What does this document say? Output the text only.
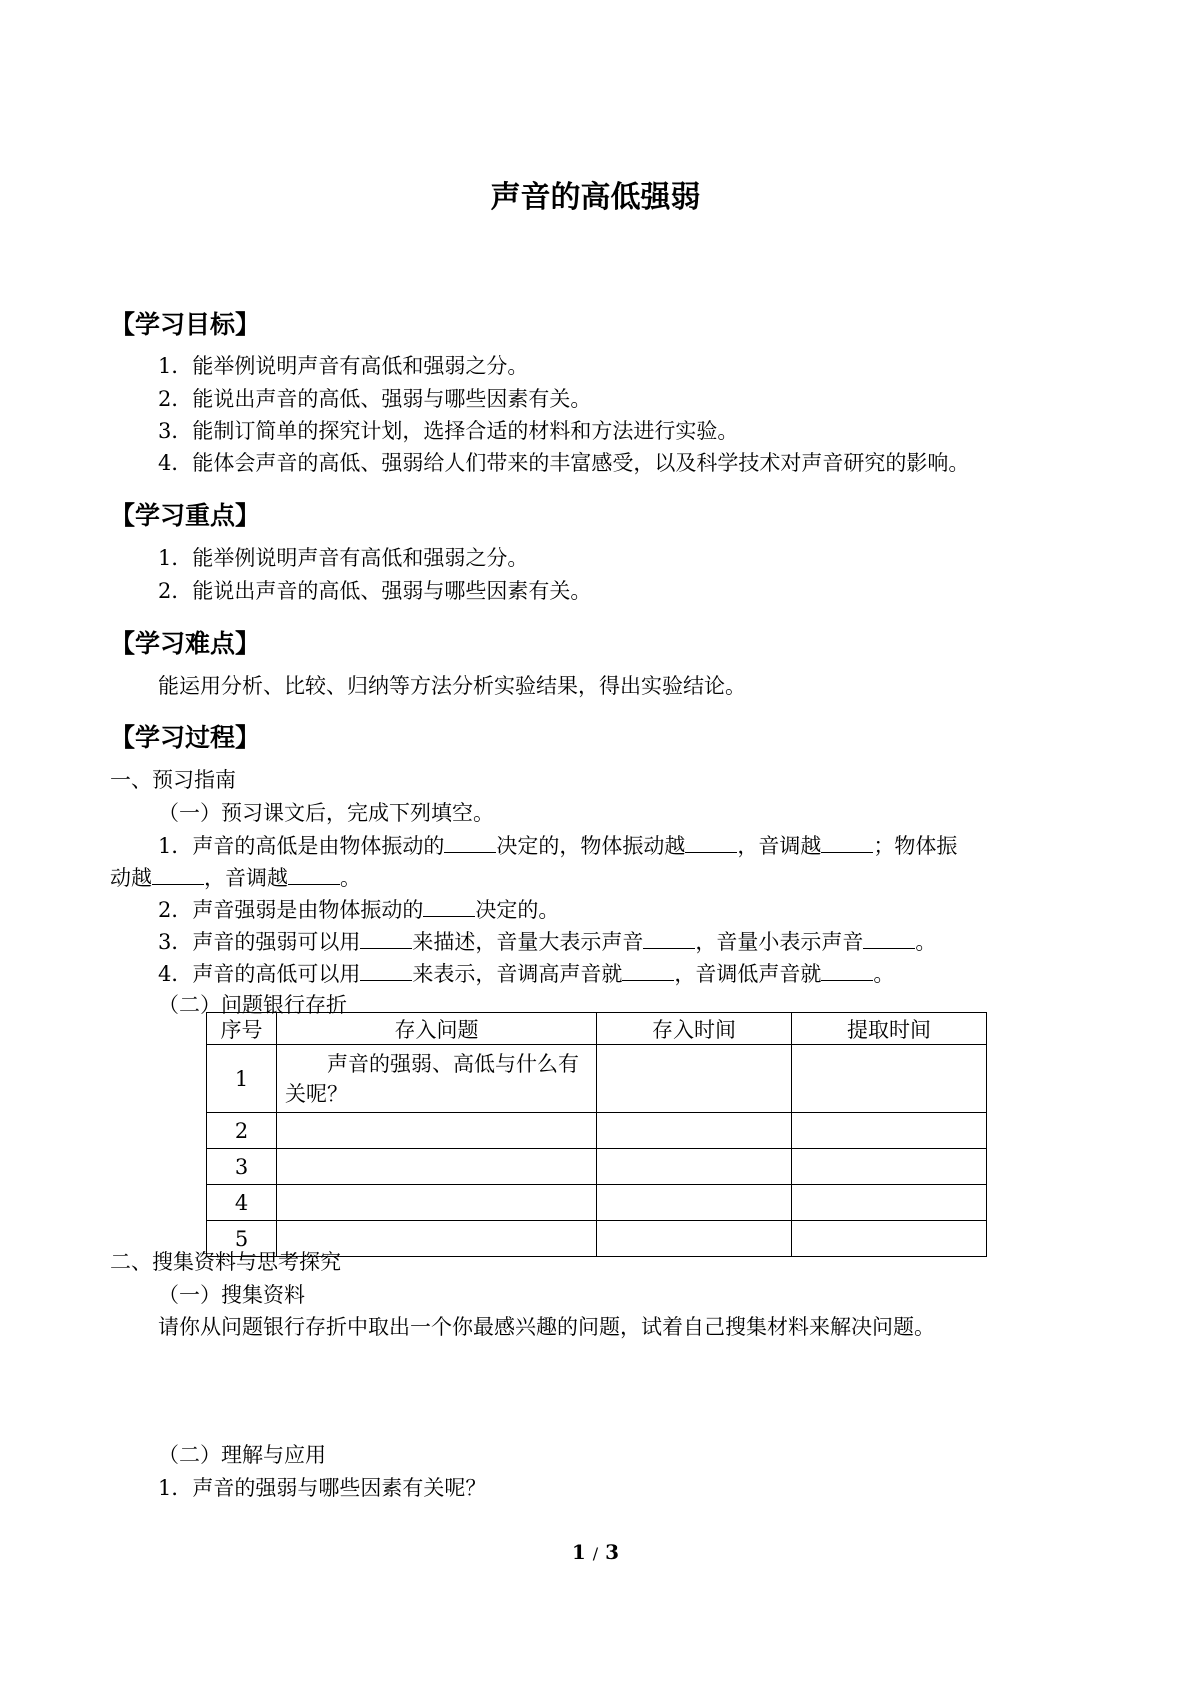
声音的高低强弱
【学习目标】
1．能举例说明声音有高低和强弱之分。
2．能说出声音的高低、强弱与哪些因素有关。
3．能制订简单的探究计划，选择合适的材料和方法进行实验。
4．能体会声音的高低、强弱给人们带来的丰富感受，以及科学技术对声音研究的影响。
【学习重点】
1．能举例说明声音有高低和强弱之分。
2．能说出声音的高低、强弱与哪些因素有关。
【学习难点】
能运用分析、比较、归纳等方法分析实验结果，得出实验结论。
【学习过程】
一、预习指南
（一）预习课文后，完成下列填空。
1．声音的高低是由物体振动的 决定的，物体振动越 ，音调越 ；物体振
动越 ，音调越 。
2．声音强弱是由物体振动的 决定的。
3．声音的强弱可以用 来描述，音量大表示声音 ，音量小表示声音 。
4．声音的高低可以用 来表示，音调高声音就 ，音调低声音就 。
（二）问题银行存折
序号	存入问题	存入时间	提取时间
1	　　声音的强弱、高低与什么有关呢？		
2			
3			
4			
5			
二、搜集资料与思考探究
（一）搜集资料
请你从问题银行存折中取出一个你最感兴趣的问题，试着自己搜集材料来解决问题。
（二）理解与应用
1．声音的强弱与哪些因素有关呢？
1 / 3
